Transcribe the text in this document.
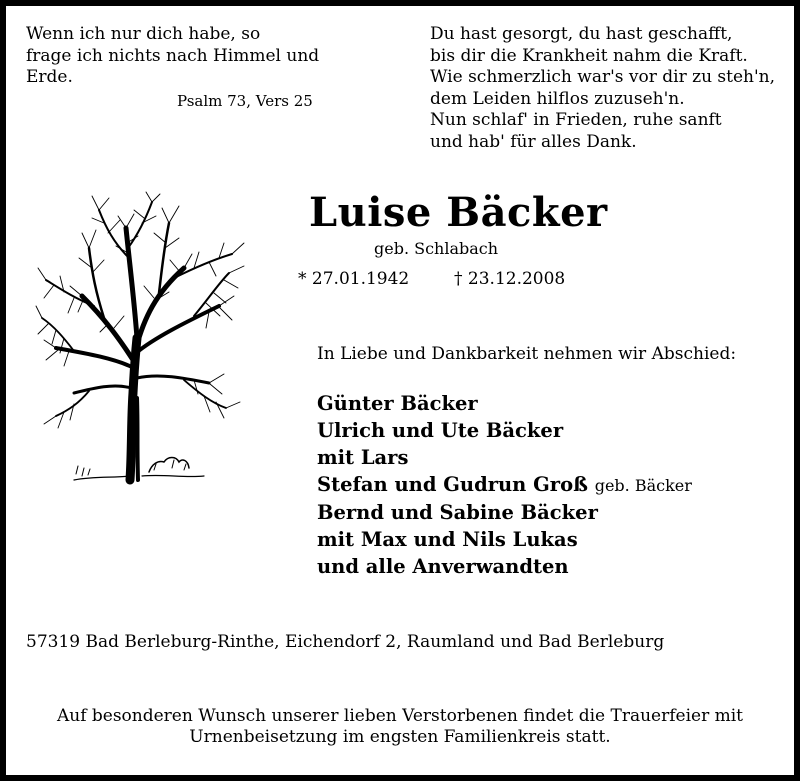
Wenn ich nur dich habe, so
frage ich nichts nach Himmel und
Erde.
Psalm 73, Vers 25
Du hast gesorgt, du hast geschafft,
bis dir die Krankheit nahm die Kraft.
Wie schmerzlich war's vor dir zu steh'n,
dem Leiden hilflos zuzuseh'n.
Nun schlaf' in Frieden, ruhe sanft
und hab' für alles Dank.
Luise Bäcker
geb. Schlabach
* 27.01.1942	† 23.12.2008
In Liebe und Dankbarkeit nehmen wir Abschied:
Günter Bäcker
Ulrich und Ute Bäcker
mit Lars
Stefan und Gudrun Groß geb. Bäcker
Bernd und Sabine Bäcker
mit Max und Nils Lukas
und alle Anverwandten
57319 Bad Berleburg-Rinthe, Eichendorf 2, Raumland und Bad Berleburg
Auf besonderen Wunsch unserer lieben Verstorbenen findet die Trauerfeier mit
Urnenbeisetzung im engsten Familienkreis statt.
